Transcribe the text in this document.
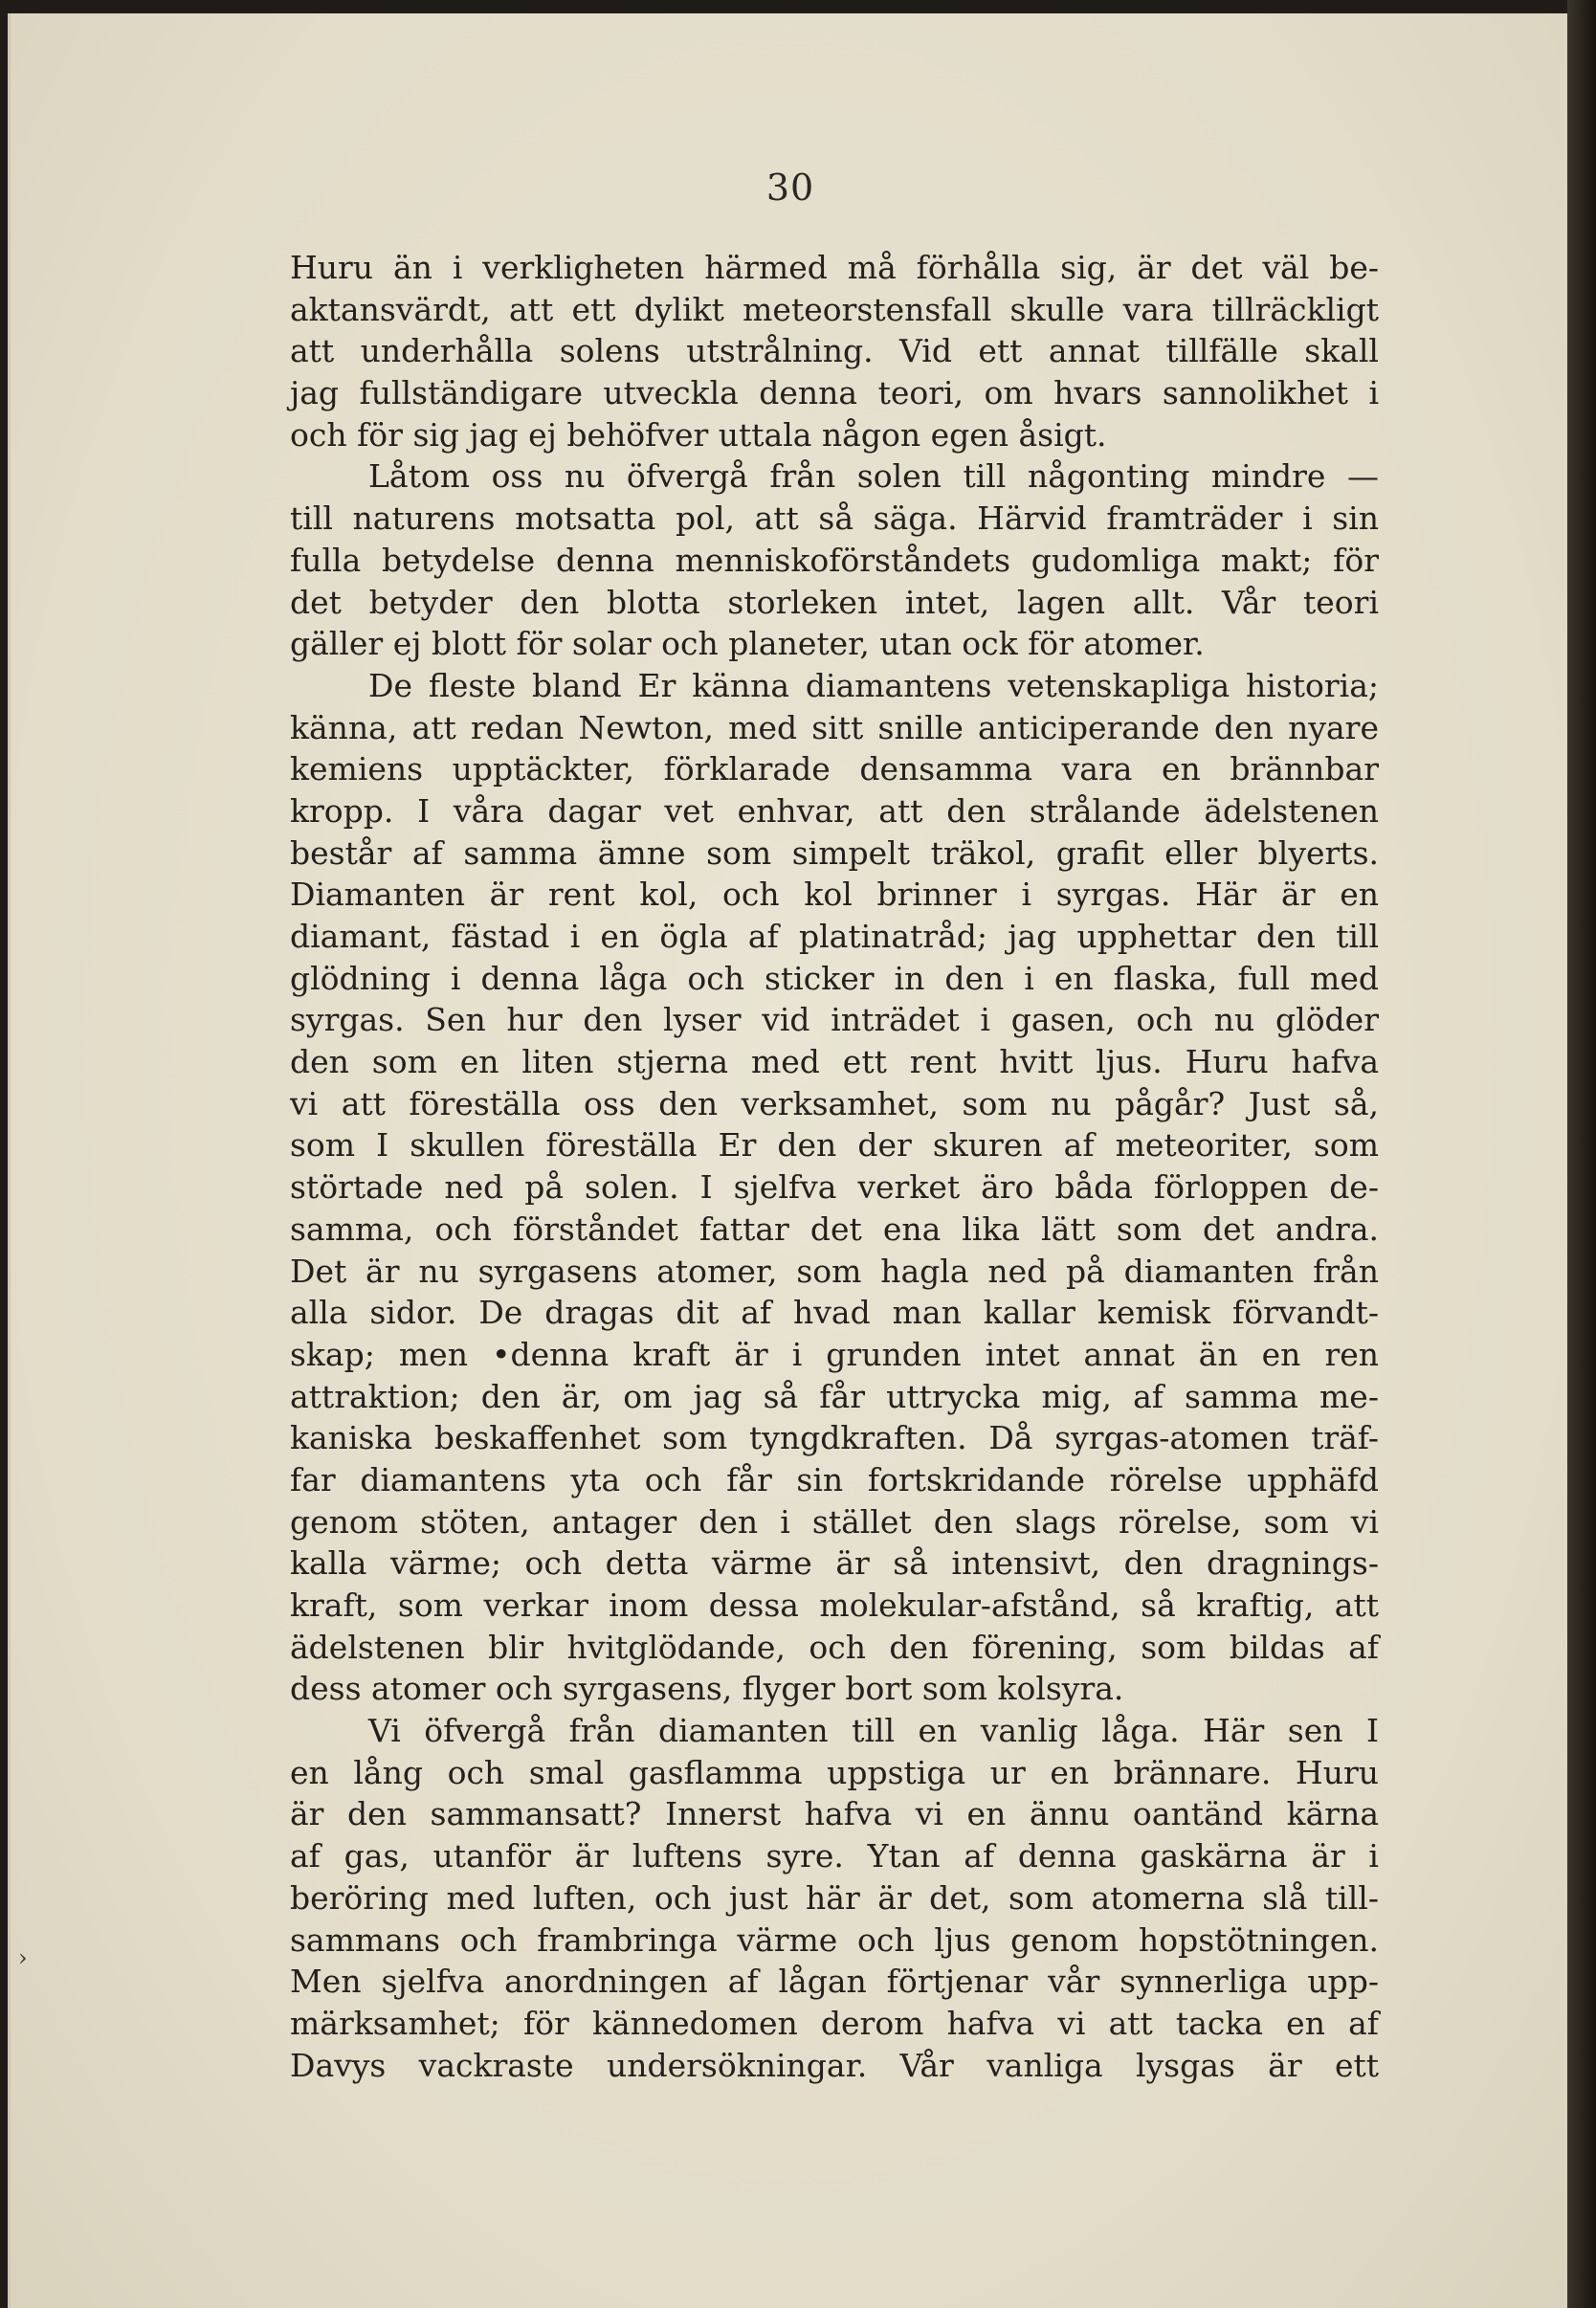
30
Huru än i verkligheten härmed må förhålla sig, är det väl be-
aktansvärdt, att ett dylikt meteorstensfall skulle vara tillräckligt
att underhålla solens utstrålning. Vid ett annat tillfälle skall
jag fullständigare utveckla denna teori, om hvars sannolikhet i
och för sig jag ej behöfver uttala någon egen åsigt.
Låtom oss nu öfvergå från solen till någonting mindre —
till naturens motsatta pol, att så säga. Härvid framträder i sin
fulla betydelse denna menniskoförståndets gudomliga makt; för
det betyder den blotta storleken intet, lagen allt. Vår teori
gäller ej blott för solar och planeter, utan ock för atomer.
De fleste bland Er känna diamantens vetenskapliga historia;
känna, att redan Newton, med sitt snille anticiperande den nyare
kemiens upptäckter, förklarade densamma vara en brännbar
kropp. I våra dagar vet enhvar, att den strålande ädelstenen
består af samma ämne som simpelt träkol, grafit eller blyerts.
Diamanten är rent kol, och kol brinner i syrgas. Här är en
diamant, fästad i en ögla af platinatråd; jag upphettar den till
glödning i denna låga och sticker in den i en flaska, full med
syrgas. Sen hur den lyser vid inträdet i gasen, och nu glöder
den som en liten stjerna med ett rent hvitt ljus. Huru hafva
vi att föreställa oss den verksamhet, som nu pågår? Just så,
som I skullen föreställa Er den der skuren af meteoriter, som
störtade ned på solen. I sjelfva verket äro båda förloppen de-
samma, och förståndet fattar det ena lika lätt som det andra.
Det är nu syrgasens atomer, som hagla ned på diamanten från
alla sidor. De dragas dit af hvad man kallar kemisk förvandt-
skap; men •denna kraft är i grunden intet annat än en ren
attraktion; den är, om jag så får uttrycka mig, af samma me-
kaniska beskaffenhet som tyngdkraften. Då syrgas-atomen träf-
far diamantens yta och får sin fortskridande rörelse upphäfd
genom stöten, antager den i stället den slags rörelse, som vi
kalla värme; och detta värme är så intensivt, den dragnings-
kraft, som verkar inom dessa molekular-afstånd, så kraftig, att
ädelstenen blir hvitglödande, och den förening, som bildas af
dess atomer och syrgasens, flyger bort som kolsyra.
Vi öfvergå från diamanten till en vanlig låga. Här sen I
en lång och smal gasflamma uppstiga ur en brännare. Huru
är den sammansatt? Innerst hafva vi en ännu oantänd kärna
af gas, utanför är luftens syre. Ytan af denna gaskärna är i
beröring med luften, och just här är det, som atomerna slå till-
sammans och frambringa värme och ljus genom hopstötningen.
Men sjelfva anordningen af lågan förtjenar vår synnerliga upp-
märksamhet; för kännedomen derom hafva vi att tacka en af
Davys vackraste undersökningar. Vår vanliga lysgas är ett
›
